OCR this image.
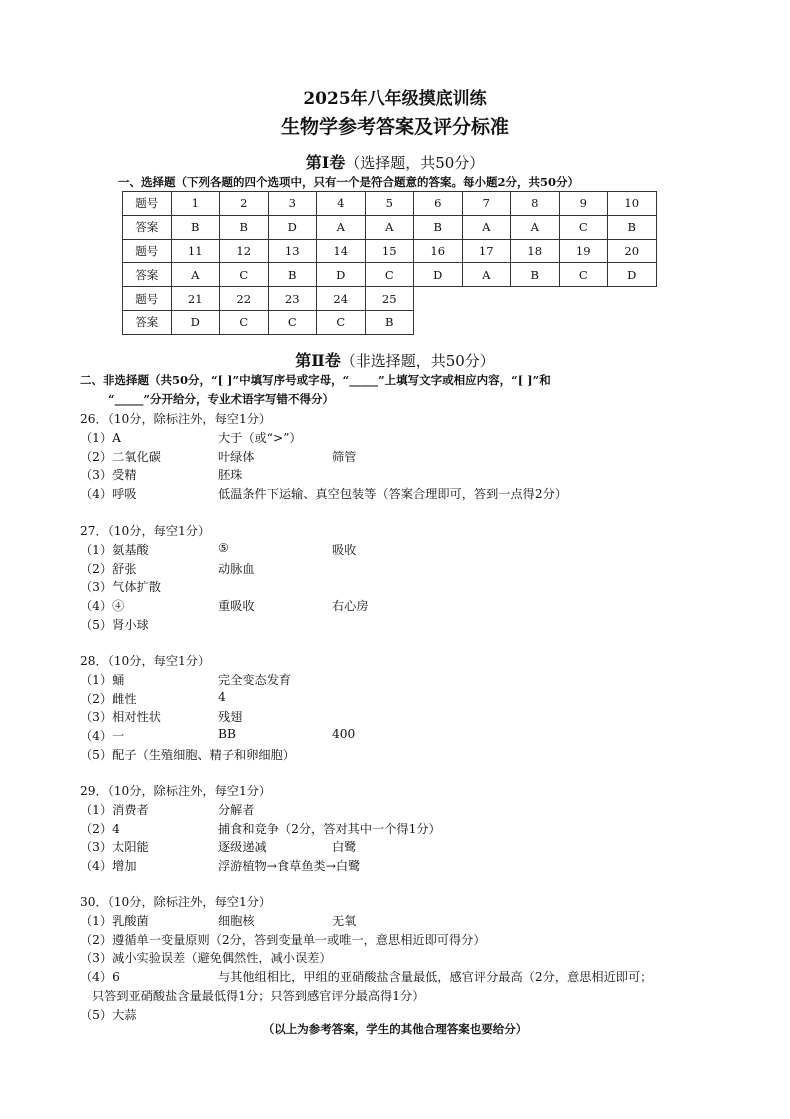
2025年八年级摸底训练
生物学参考答案及评分标准
第Ⅰ卷（选择题，共50分）
一、选择题（下列各题的四个选项中，只有一个是符合题意的答案。每小题2分，共50分）
题号	1	2	3	4	5	6	7	8	9	10
答案	B	B	D	A	A	B	A	A	C	B
题号	11	12	13	14	15	16	17	18	19	20
答案	A	C	B	D	C	D	A	B	C	D
题号	21	22	23	24	25					
答案	D	C	C	C	B					
第Ⅱ卷（非选择题，共50分）
二、非选择题（共50分，“[ ]”中填写序号或字母，“_____”上填写文字或相应内容，“[ ]”和
“_____”分开给分，专业术语字写错不得分）
26．（10分，除标注外，每空1分）
（1）A	大于（或“>”）
（2）二氧化碳	叶绿体	筛管
（3）受精	胚珠
（4）呼吸	低温条件下运输、真空包装等（答案合理即可，答到一点得2分）
27．（10分，每空1分）
（1）氨基酸	⑤	吸收
（2）舒张	动脉血
（3）气体扩散
（4）④	重吸收	右心房
（5）肾小球
28．（10分，每空1分）
（1）蛹	完全变态发育
（2）雌性	4
（3）相对性状	残翅
（4）一	BB	400
（5）配子（生殖细胞、精子和卵细胞）
29．（10分，除标注外，每空1分）
（1）消费者	分解者
（2）4	捕食和竞争（2分，答对其中一个得1分）
（3）太阳能	逐级递减	白鹭
（4）增加	浮游植物→食草鱼类→白鹭
30．（10分，除标注外，每空1分）
（1）乳酸菌	细胞核	无氧
（2）遵循单一变量原则（2分，答到变量单一或唯一，意思相近即可得分）
（3）减小实验误差（避免偶然性，减小误差）
（4）6	与其他组相比，甲组的亚硝酸盐含量最低，感官评分最高（2分，意思相近即可；
只答到亚硝酸盐含量最低得1分；只答到感官评分最高得1分）
（5）大蒜
（以上为参考答案，学生的其他合理答案也要给分）
